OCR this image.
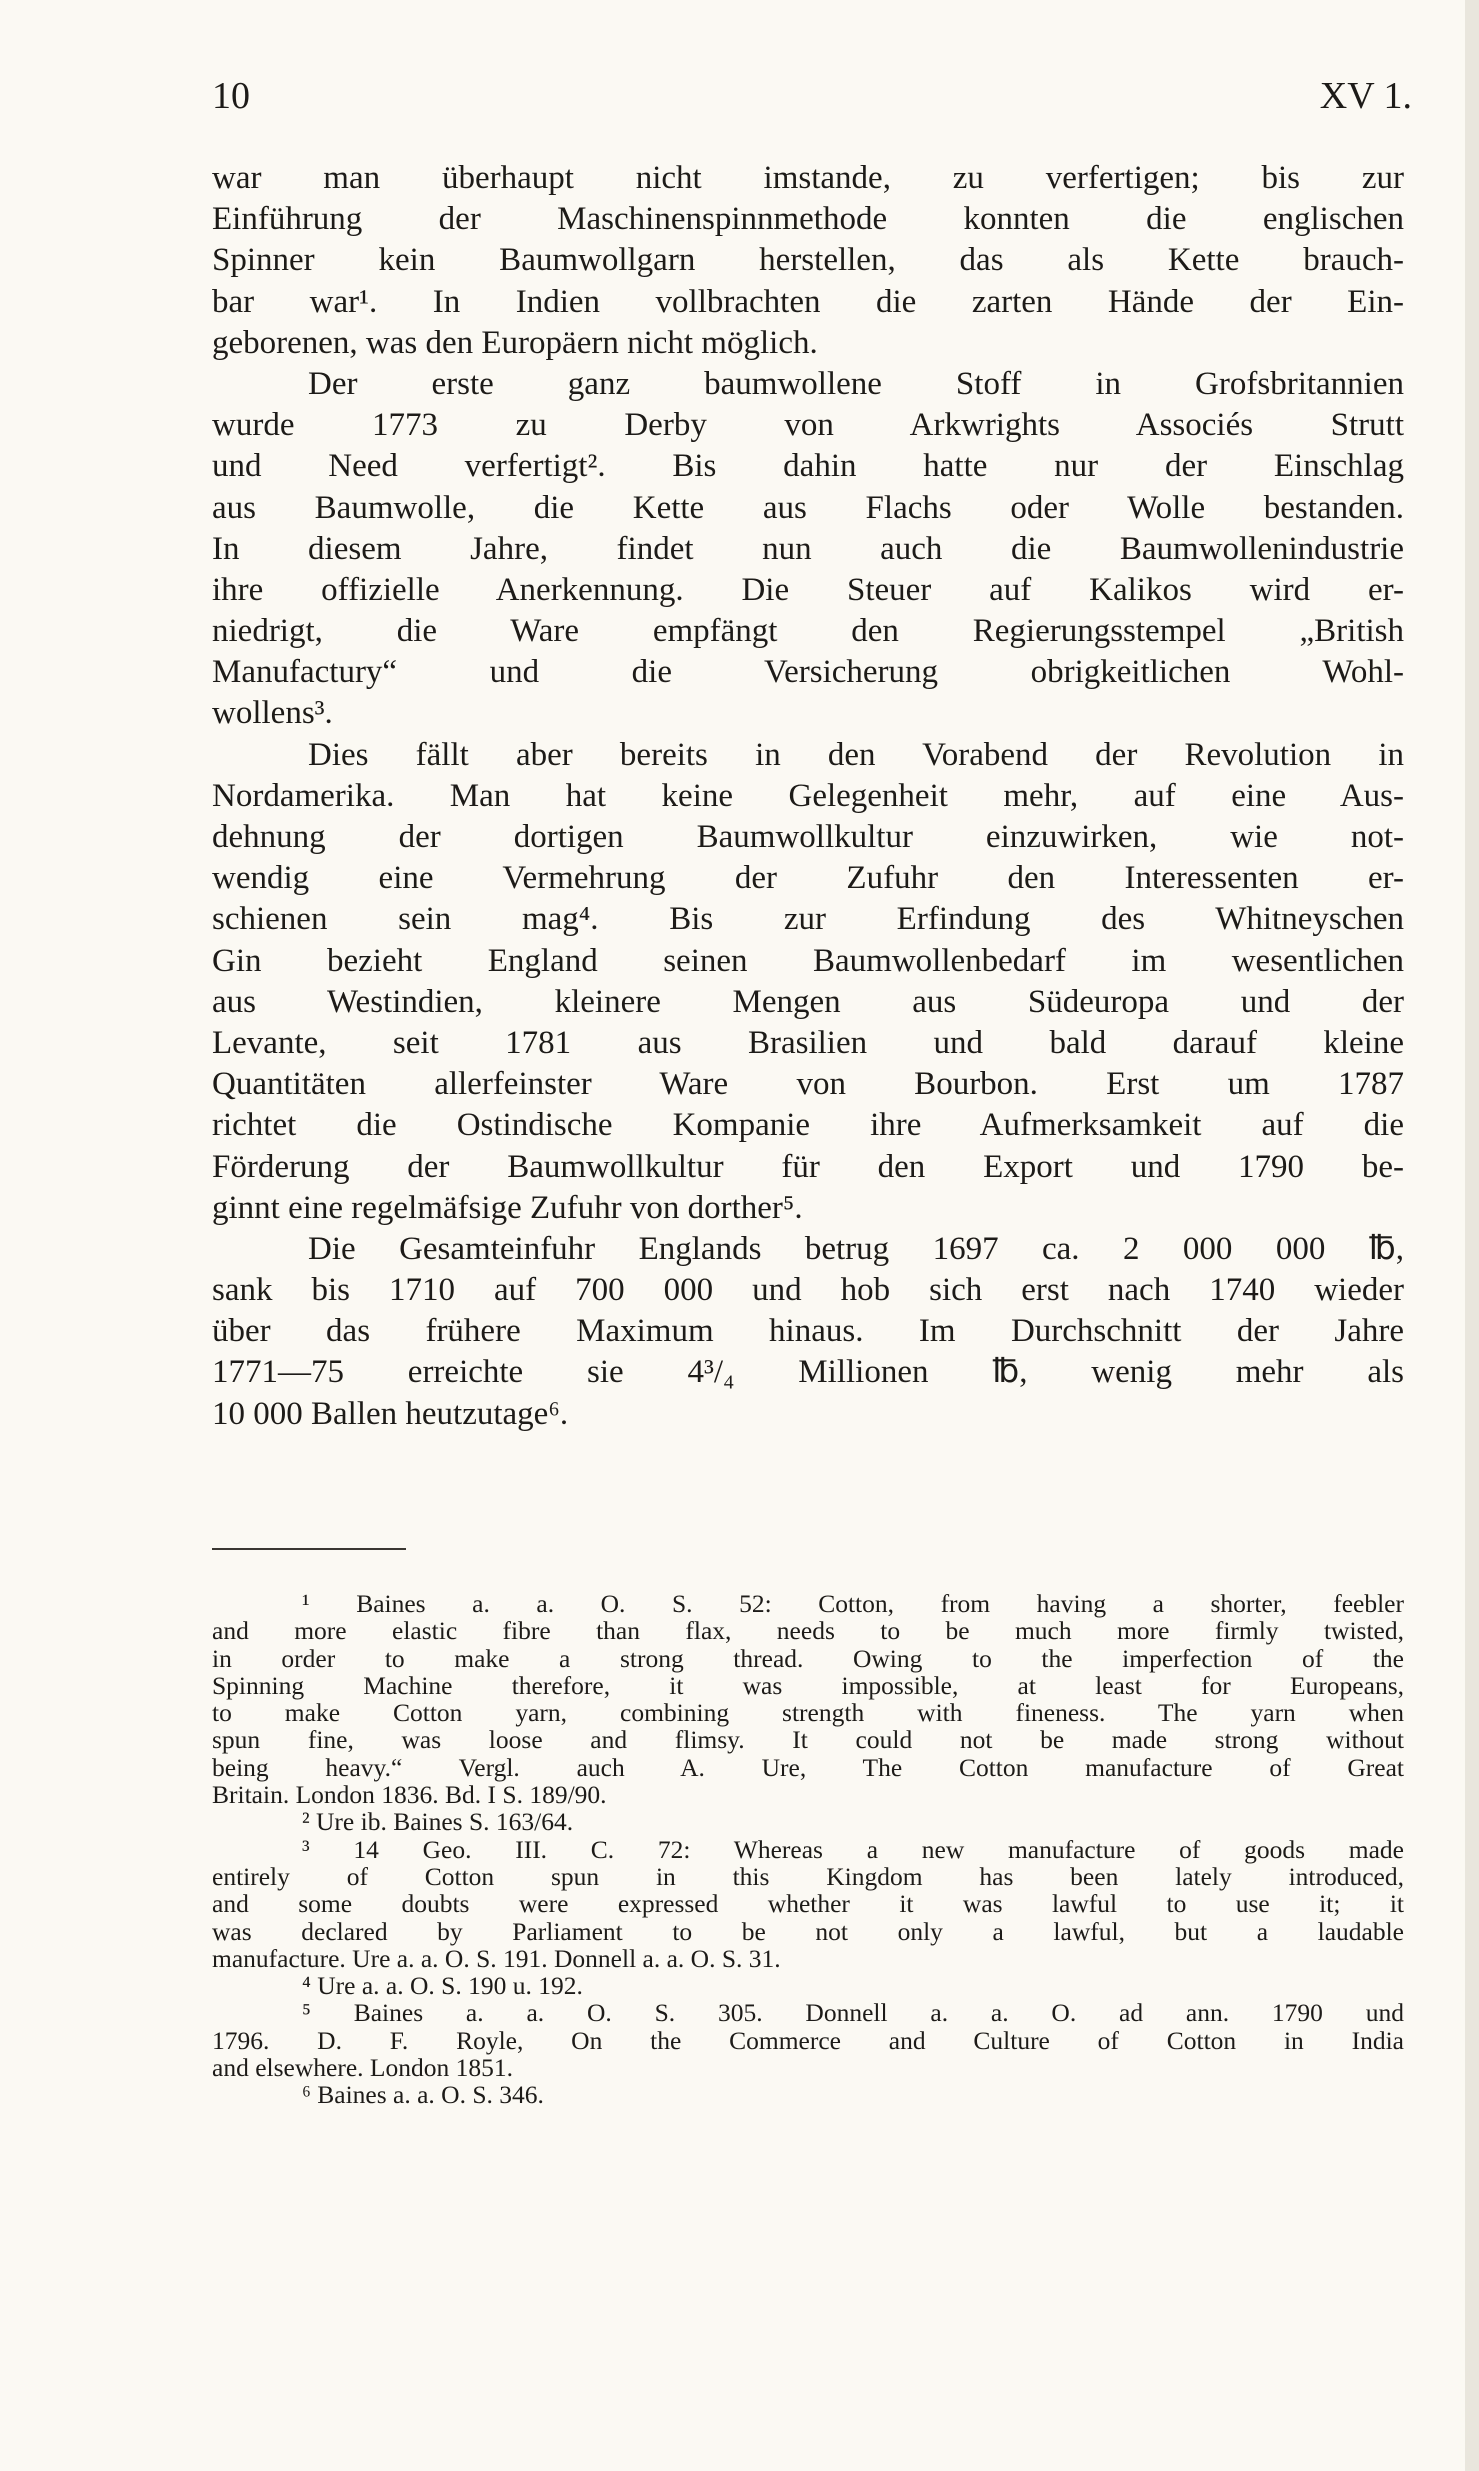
10	XV 1.
war man überhaupt nicht imstande, zu verfertigen; bis zur
Einführung der Maschinenspinnmethode konnten die englischen
Spinner kein Baumwollgarn herstellen, das als Kette brauch-
bar war¹. In Indien vollbrachten die zarten Hände der Ein-
geborenen, was den Europäern nicht möglich.
Der erste ganz baumwollene Stoff in Grofsbritannien
wurde 1773 zu Derby von Arkwrights Associés Strutt
und Need verfertigt². Bis dahin hatte nur der Einschlag
aus Baumwolle, die Kette aus Flachs oder Wolle bestanden.
In diesem Jahre, findet nun auch die Baumwollenindustrie
ihre offizielle Anerkennung. Die Steuer auf Kalikos wird er-
niedrigt, die Ware empfängt den Regierungsstempel „British
Manufactury“ und die Versicherung obrigkeitlichen Wohl-
wollens³.
Dies fällt aber bereits in den Vorabend der Revolution in
Nordamerika. Man hat keine Gelegenheit mehr, auf eine Aus-
dehnung der dortigen Baumwollkultur einzuwirken, wie not-
wendig eine Vermehrung der Zufuhr den Interessenten er-
schienen sein mag⁴. Bis zur Erfindung des Whitneyschen
Gin bezieht England seinen Baumwollenbedarf im wesentlichen
aus Westindien, kleinere Mengen aus Südeuropa und der
Levante, seit 1781 aus Brasilien und bald darauf kleine
Quantitäten allerfeinster Ware von Bourbon. Erst um 1787
richtet die Ostindische Kompanie ihre Aufmerksamkeit auf die
Förderung der Baumwollkultur für den Export und 1790 be-
ginnt eine regelmäfsige Zufuhr von dorther⁵.
Die Gesamteinfuhr Englands betrug 1697 ca. 2 000 000 ℔,
sank bis 1710 auf 700 000 und hob sich erst nach 1740 wieder
über das frühere Maximum hinaus. Im Durchschnitt der Jahre
1771—75 erreichte sie 4³/₄ Millionen ℔, wenig mehr als
10 000 Ballen heutzutage⁶.
¹ Baines a. a. O. S. 52: Cotton, from having a shorter, feebler
and more elastic fibre than flax, needs to be much more firmly twisted,
in order to make a strong thread. Owing to the imperfection of the
Spinning Machine therefore, it was impossible, at least for Europeans,
to make Cotton yarn, combining strength with fineness. The yarn when
spun fine, was loose and flimsy. It could not be made strong without
being heavy.“ Vergl. auch A. Ure, The Cotton manufacture of Great
Britain. London 1836. Bd. I S. 189/90.
² Ure ib. Baines S. 163/64.
³ 14 Geo. III. C. 72: Whereas a new manufacture of goods made
entirely of Cotton spun in this Kingdom has been lately introduced,
and some doubts were expressed whether it was lawful to use it; it
was declared by Parliament to be not only a lawful, but a laudable
manufacture. Ure a. a. O. S. 191. Donnell a. a. O. S. 31.
⁴ Ure a. a. O. S. 190 u. 192.
⁵ Baines a. a. O. S. 305. Donnell a. a. O. ad ann. 1790 und
1796. D. F. Royle, On the Commerce and Culture of Cotton in India
and elsewhere. London 1851.
⁶ Baines a. a. O. S. 346.
